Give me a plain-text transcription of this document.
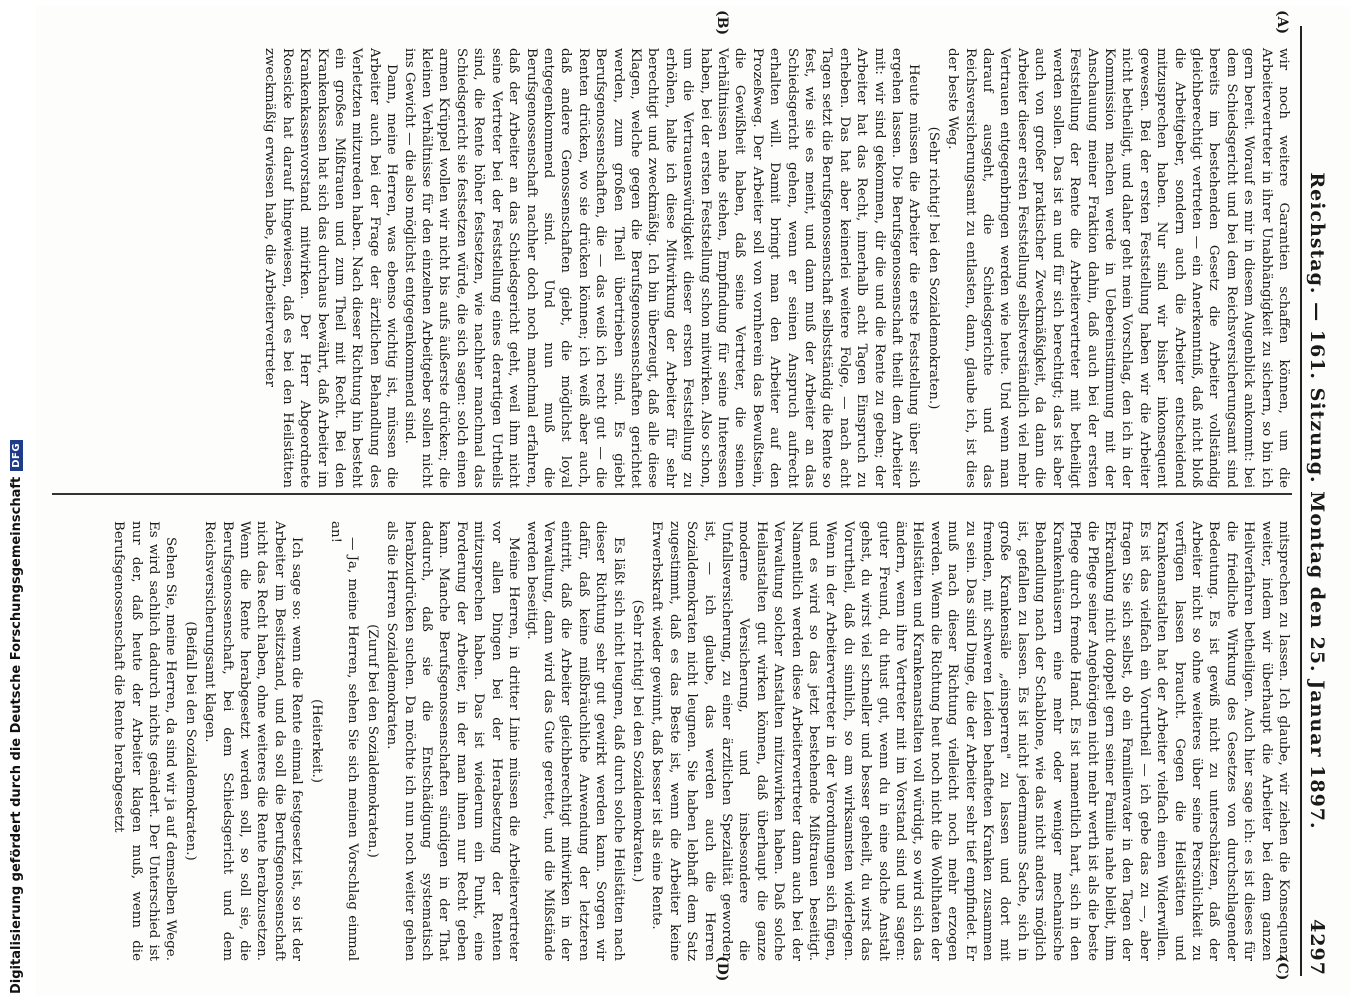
Reichstag. — 161. Sitzung. Montag den 25. Januar 1897.
4297
(A)
(B)
(C)
(D)

wir noch weitere Garantien schaffen können, um die Arbeitervertreter in ihrer Unabhängigkeit zu sichern, so bin ich gern bereit. Worauf es mir in diesem Augenblick ankommt: bei dem Schiedsgericht und bei dem Reichsversicherungsamt sind bereits im bestehenden Gesetz die Arbeiter vollständig gleichberechtigt vertreten — ein Anerkenntniß, daß nicht bloß die Arbeitgeber, sondern auch die Arbeiter entscheidend mitzusprechen haben. Nur sind wir bisher inkonsequent gewesen. Bei der ersten Feststellung haben wir die Arbeiter nicht betheiligt, und daher geht mein Vorschlag, den ich in der Kommission machen werde in Uebereinstimmung mit der Anschauung meiner Fraktion dahin, daß auch bei der ersten Feststellung der Rente die Arbeitervertreter mit betheiligt werden sollen. Das ist an und für sich berechtigt; das ist aber auch von großer praktischer Zweckmäßigkeit, da dann die Arbeiter dieser ersten Feststellung selbstverständlich viel mehr Vertrauen entgegenbringen werden wie heute. Und wenn man darauf ausgeht, die Schiedsgerichte und das Reichsversicherungsamt zu entlasten, dann, glaube ich, ist dies der beste Weg.

(Sehr richtig! bei den Sozialdemokraten.)

Heute müssen die Arbeiter die erste Feststellung über sich ergehen lassen. Die Berufsgenossenschaft theilt dem Arbeiter mit: wir sind gekommen, dir die und die Rente zu geben; der Arbeiter hat das Recht, innerhalb acht Tagen Einspruch zu erheben. Das hat aber keinerlei weitere Folge, — nach acht Tagen setzt die Berufsgenossenschaft selbstständig die Rente so fest, wie sie es meint, und dann muß der Arbeiter an das Schiedsgericht gehen, wenn er seinen Anspruch aufrecht erhalten will. Damit bringt man den Arbeiter auf den Prozeßweg. Der Arbeiter soll von vornherein das Bewußtsein, die Gewißheit haben, daß seine Vertreter, die seinen Verhältnissen nahe stehen, Empfindung für seine Interessen haben, bei der ersten Feststellung schon mitwirken. Also schon, um die Vertrauenswürdigkeit dieser ersten Feststellung zu erhöhen, halte ich diese Mitwirkung der Arbeiter für sehr berechtigt und zweckmäßig. Ich bin überzeugt, daß alle diese Klagen, welche gegen die Berufsgenossenschaften gerichtet werden, zum großen Theil übertrieben sind. Es giebt Berufsgenossenschaften, die — das weiß ich recht gut — die Renten drücken, wo sie drücken können; ich weiß aber auch, daß andere Genossenschaften giebt, die möglichst loyal entgegenkommend sind. Und nun muß die Berufsgenossenschaft nachher doch noch manchmal erfahren, daß der Arbeiter an das Schiedsgericht geht, weil ihm nicht seine Vertreter bei der Feststellung eines derartigen Urtheils sind, die Rente höher festsetzen, wie nachher manchmal das Schiedsgericht sie festsetzen würde, die sich sagen: solch einen armen Krüppel wollen wir nicht bis aufs äußerste drücken; die kleinen Verhältnisse für den einzelnen Arbeitgeber sollen nicht ins Gewicht — die also möglichst entgegenkommend sind.

Dann, meine Herren, was ebenso wichtig ist, müssen die Arbeiter auch bei der Frage der ärztlichen Behandlung des Verletzten mitzureden haben. Nach dieser Richtung hin besteht ein großes Mißtrauen und zum Theil mit Recht. Bei den Krankenkassen hat sich das durchaus bewährt, daß Arbeiter im Krankenkassenvorstand mitwirken. Der Herr Abgeordnete Roesicke hat darauf hingewiesen, daß es bei den Heilstätten zweckmäßig erwiesen habe, die Arbeitervertreter

mitsprechen zu lassen. Ich glaube, wir ziehen die Konsequenz weiter, indem wir überhaupt die Arbeiter bei dem ganzen Heilverfahren betheiligen. Auch hier sage ich: es ist dieses für die friedliche Wirkung des Gesetzes von durchschlagender Bedeutung. Es ist gewiß nicht zu unterschätzen, daß der Arbeiter nicht so ohne weiteres über seine Persönlichkeit zu verfügen lassen braucht. Gegen die Heilstätten und Krankenanstalten hat der Arbeiter vielfach einen Widerwillen. Es ist das vielfach ein Vorurtheil — ich gebe das zu —, aber fragen Sie sich selbst, ob ein Familienvater in den Tagen der Erkrankung nicht doppelt gern seiner Familie nahe bleibt, ihm die Pflege seiner Angehörigen nicht mehr werth ist als die beste Pflege durch fremde Hand. Es ist namentlich hart, sich in den Krankenhäusern eine mehr oder weniger mechanische Behandlung nach der Schablone, wie das nicht anders möglich ist, gefallen zu lassen. Es ist nicht jedermanns Sache, sich in große Krankensäle „einsperren" zu lassen und dort mit fremden, mit schweren Leiden behafteten Kranken zusammen zu sein. Das sind Dinge, die der Arbeiter sehr tief empfindet. Er muß nach dieser Richtung vielleicht noch mehr erzogen werden. Wenn die Richtung heut noch nicht die Wohlthaten der Heilstätten und Krankenanstalten voll würdigt, so wird sich das ändern, wenn ihre Vertreter mit im Vorstand sind und sagen: guter Freund, du thust gut, wenn du in eine solche Anstalt gehst, du wirst viel schneller und besser geheilt, du wirst das Vorurtheil, daß du sinnlich, so am wirksamsten widerlegen. Wenn in der Arbeitervertreter in der Verordnungen sich fügen, und es wird so das jetzt bestehende Mißtrauen beseitigt. Namentlich werden diese Arbeitervertreter dann auch bei der Verwaltung solcher Anstalten mitzuwirken haben. Daß solche Heilanstalten gut wirken können, daß überhaupt die ganze moderne Versicherung, und insbesondere die Unfallsversicherung, zu einer ärztlichen Spezialität geworden ist, — ich glaube, das werden auch die Herren Sozialdemokraten nicht leugnen. Sie haben lebhaft dem Satz zugestimmt, daß es das Beste ist, wenn die Arbeiter keine Erwerbskraft wieder gewinnt, daß besser ist als eine Rente.

(Sehr richtig! bei den Sozialdemokraten.)

Es läßt sich nicht leugnen, daß durch solche Heilstätten nach dieser Richtung sehr gut gewirkt werden kann. Sorgen wir dafür, daß keine mißbräuchliche Anwendung der letzteren eintritt, daß die Arbeiter gleichberechtigt mitwirken in der Verwaltung, dann wird das Gute gerettet, und die Mißstände werden beseitigt.

Meine Herren, in dritter Linie müssen die Arbeitervertreter vor allen Dingen bei der Herabsetzung der Renten mitzusprechen haben. Das ist wiederum ein Punkt, eine Forderung der Arbeiter, in der man ihnen nur Recht geben kann. Manche Berufsgenossenschaften sündigen in der That dadurch, daß sie die Entschädigung systematisch herabzudrücken suchen. Da möchte ich nun noch weiter gehen als die Herren Sozialdemokraten.

(Zuruf bei den Sozialdemokraten.)

— Ja, meine Herren, sehen Sie sich meinen Vorschlag einmal an!

(Heiterkeit.)

Ich sage so: wenn die Rente einmal festgesetzt ist, so ist der Arbeiter im Besitzstand, und da soll die Berufsgenossenschaft nicht das Recht haben, ohne weiteres die Rente herabzusetzen. Wenn die Rente herabgesetzt werden soll, so soll sie, die Berufsgenossenschaft, bei dem Schiedsgericht und dem Reichsversicherungsamt klagen.

(Beifall bei den Sozialdemokraten.)

Sehen Sie, meine Herren, da sind wir ja auf demselben Wege. Es wird sachlich dadurch nichts geändert. Der Unterschied ist nur der, daß heute der Arbeiter klagen muß, wenn die Berufsgenossenschaft die Rente herabgesetzt

Digitalisierung gefördert durch die Deutsche Forschungsgemeinschaft
DFG
